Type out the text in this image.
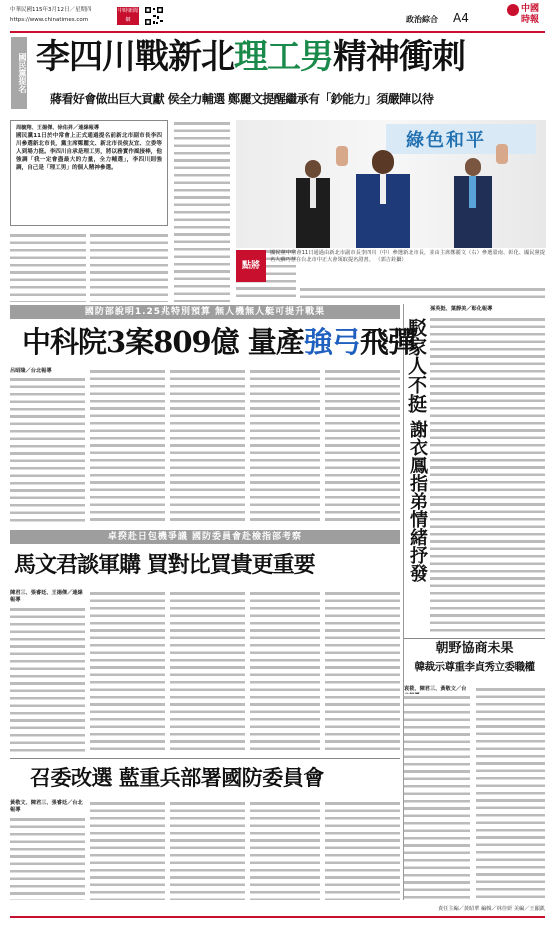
中華民國115年3月12日／星期四
https://www.chinatimes.com
中時新聞網	政治綜合 A4
中國時報
國民黨提名 李四川戰新北理工男精神衝刺
蔣看好會做出巨大貢獻 侯全力輔選 鄭麗文提醒繼承有「鈔能力」須嚴陣以待
周毓翔、王揚傑、徐佑昇／連線報導
國民黨11日於中常會上正式通過提名前新北市副市長李四川參選新北市長，黨主席鄭麗文、新北市長侯友宜、立委等人到場力挺。李四川自承是理工男，將以務實作風接棒，他強調「我一定會盡最大的力量，全力輔選」，李四川則強調，自己是「理工男」的個人精神參選。
綠色和平
點將
國民黨中常會11日通過由新北市副市長李四川（中）參選新北市長，並由主席鄭麗文（右）參選臺南、彰化、國民黨提名人蘇巧慧在台北市中正大會領取提名證書。 （郭吉銓攝）
孫英挺、葉靜美／彰化報導
駁家人不挺
謝衣鳳指弟情緒抒發
朝野協商未果
韓裁示尊重李貞秀立委職權
袁筱、陳君三、黃敬文／台
國防部說明1.25兆特別預算 無人機無人艇可提升戰果
中科院3案809億 量產強弓飛彈
呂昭隆／台北報導
卓揆赴日包機爭議 國防委員會赴檢指部考察
馬文君談軍購 買對比買貴更重要
陳君三、張睿廷、王揚傑／連線報導
召委改選 藍重兵部署國防委員會
黃敬文、陳君三、張睿廷／台北報導
責任主編／黃昭華 編輯／林佳妍 美編／王顯凱
